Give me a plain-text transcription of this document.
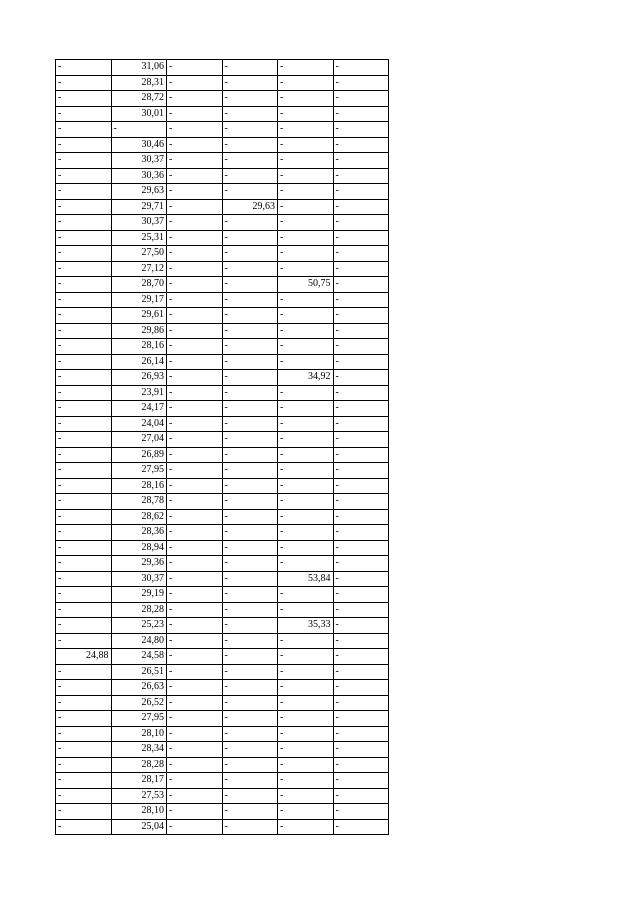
-	31,06	-	-	-	-
-	28,31	-	-	-	-
-	28,72	-	-	-	-
-	30,01	-	-	-	-
-	-	-	-	-	-
-	30,46	-	-	-	-
-	30,37	-	-	-	-
-	30,36	-	-	-	-
-	29,63	-	-	-	-
-	29,71	-	29,63	-	-
-	30,37	-	-	-	-
-	25,31	-	-	-	-
-	27,50	-	-	-	-
-	27,12	-	-	-	-
-	28,70	-	-	50,75	-
-	29,17	-	-	-	-
-	29,61	-	-	-	-
-	29,86	-	-	-	-
-	28,16	-	-	-	-
-	26,14	-	-	-	-
-	26,93	-	-	34,92	-
-	23,91	-	-	-	-
-	24,17	-	-	-	-
-	24,04	-	-	-	-
-	27,04	-	-	-	-
-	26,89	-	-	-	-
-	27,95	-	-	-	-
-	28,16	-	-	-	-
-	28,78	-	-	-	-
-	28,62	-	-	-	-
-	28,36	-	-	-	-
-	28,94	-	-	-	-
-	29,36	-	-	-	-
-	30,37	-	-	53,84	-
-	29,19	-	-	-	-
-	28,28	-	-	-	-
-	25,23	-	-	35,33	-
-	24,80	-	-	-	-
24,88	24,58	-	-	-	-
-	26,51	-	-	-	-
-	26,63	-	-	-	-
-	26,52	-	-	-	-
-	27,95	-	-	-	-
-	28,10	-	-	-	-
-	28,34	-	-	-	-
-	28,28	-	-	-	-
-	28,17	-	-	-	-
-	27,53	-	-	-	-
-	28,10	-	-	-	-
-	25,04	-	-	-	-
